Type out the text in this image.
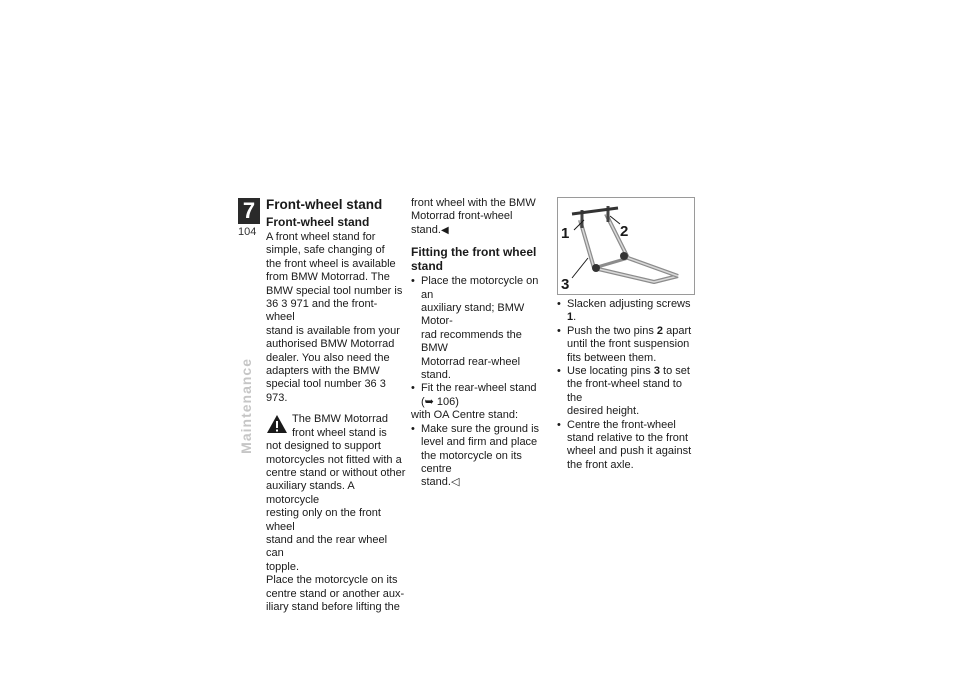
7
104
Maintenance
Front-wheel stand
Front-wheel stand
A front wheel stand for
simple, safe changing of
the front wheel is available
from BMW Motorrad. The
BMW special tool number is
36 3 971 and the front-wheel
stand is available from your
authorised BMW Motorrad
dealer. You also need the
adapters with the BMW
special tool number 36 3 973.
The BMW Motorrad
front wheel stand is
not designed to support
motorcycles not fitted with a
centre stand or without other
auxiliary stands. A motorcycle
resting only on the front wheel
stand and the rear wheel can
topple.
Place the motorcycle on its
centre stand or another aux-
iliary stand before lifting the
front wheel with the BMW
Motorrad front-wheel stand.◀
Fitting the front wheel stand
• Place the motorcycle on an
auxiliary stand; BMW Motor-
rad recommends the BMW
Motorrad rear-wheel stand.
• Fit the rear-wheel stand
(➥ 106)
with OA Centre stand:
• Make sure the ground is
level and firm and place
the motorcycle on its centre
stand.◁
1	2
3
• Slacken adjusting screws 1.
• Push the two pins 2 apart
until the front suspension
fits between them.
• Use locating pins 3 to set
the front-wheel stand to the
desired height.
• Centre the front-wheel
stand relative to the front
wheel and push it against
the front axle.
